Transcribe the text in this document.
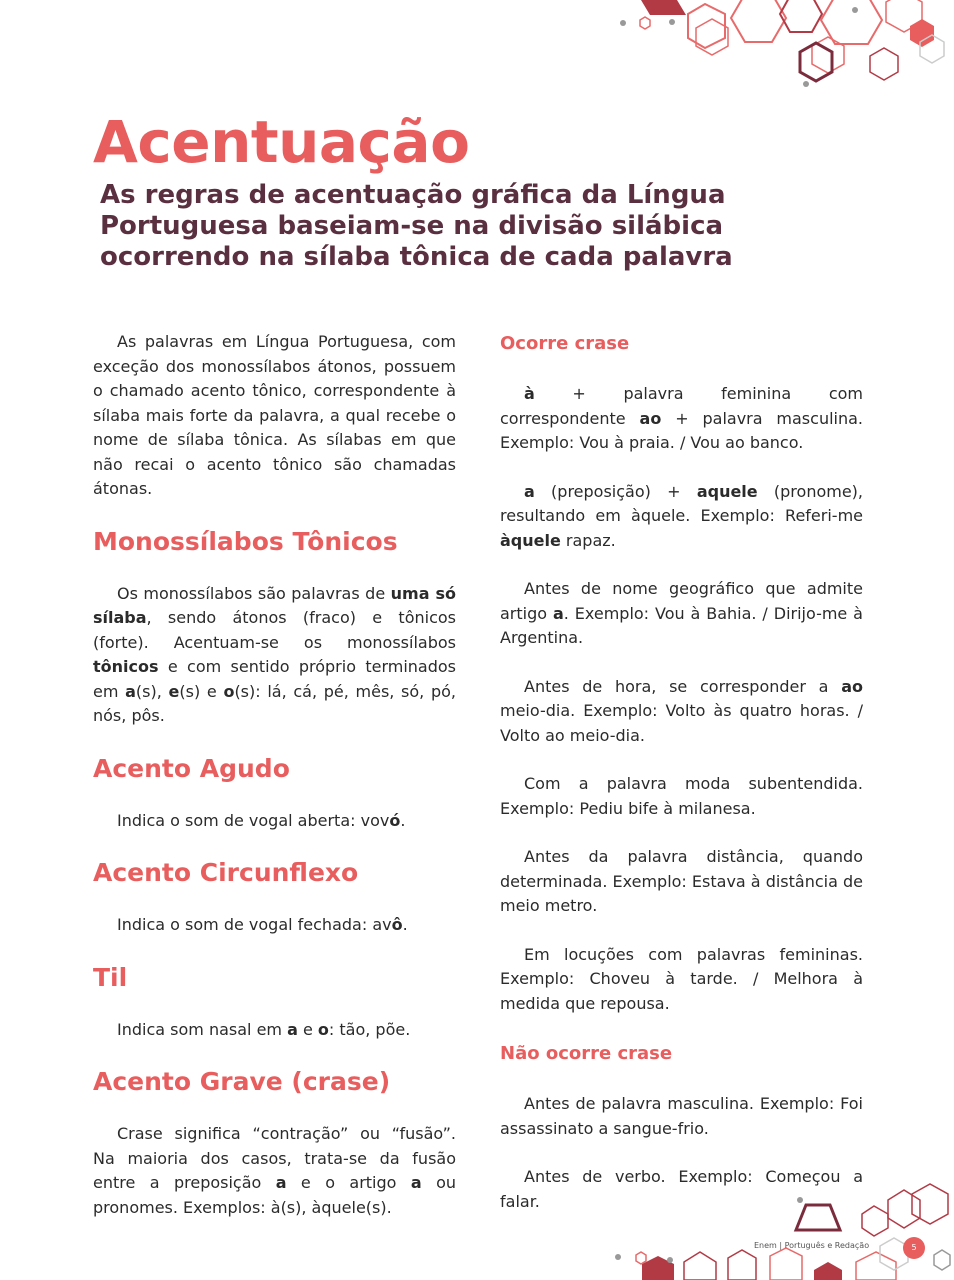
Acentuação
As regras de acentuação gráfica da Língua Portuguesa baseiam-se na divisão silábica ocorrendo na sílaba tônica de cada palavra

As palavras em Língua Portuguesa, com exceção dos monossílabos átonos, possuem o chamado acento tônico, correspondente à sílaba mais forte da palavra, a qual recebe o nome de sílaba tônica. As sílabas em que não recai o acento tônico são chamadas átonas.

Monossílabos Tônicos

Os monossílabos são palavras de uma só sílaba, sendo átonos (fraco) e tônicos (forte). Acentuam-se os monossílabos tônicos e com sentido próprio terminados em a(s), e(s) e o(s): lá, cá, pé, mês, só, pó, nós, pôs.

Acento Agudo

Indica o som de vogal aberta: vovó.

Acento Circunflexo

Indica o som de vogal fechada: avô.

Til

Indica som nasal em a e o: tão, põe.

Acento Grave (crase)

Crase significa “contração” ou “fusão”. Na maioria dos casos, trata-se da fusão entre a preposição a e o artigo a ou pronomes. Exemplos: à(s), àquele(s).

Ocorre crase

à + palavra feminina com correspondente ao + palavra masculina. Exemplo: Vou à praia. / Vou ao banco.

a (preposição) + aquele (pronome), resultando em àquele. Exemplo: Referi-me àquele rapaz.

Antes de nome geográfico que admite artigo a. Exemplo: Vou à Bahia. / Dirijo-me à Argentina.

Antes de hora, se corresponder a ao meio-dia. Exemplo: Volto às quatro horas. / Volto ao meio-dia.

Com a palavra moda subentendida. Exemplo: Pediu bife à milanesa.

Antes da palavra distância, quando determinada. Exemplo: Estava à distância de meio metro.

Em locuções com palavras femininas. Exemplo: Choveu à tarde. / Melhora à medida que repousa.

Não ocorre crase

Antes de palavra masculina. Exemplo: Foi assassinato a sangue-frio.

Antes de verbo. Exemplo: Começou a falar.

Enem | Português e Redação	5
